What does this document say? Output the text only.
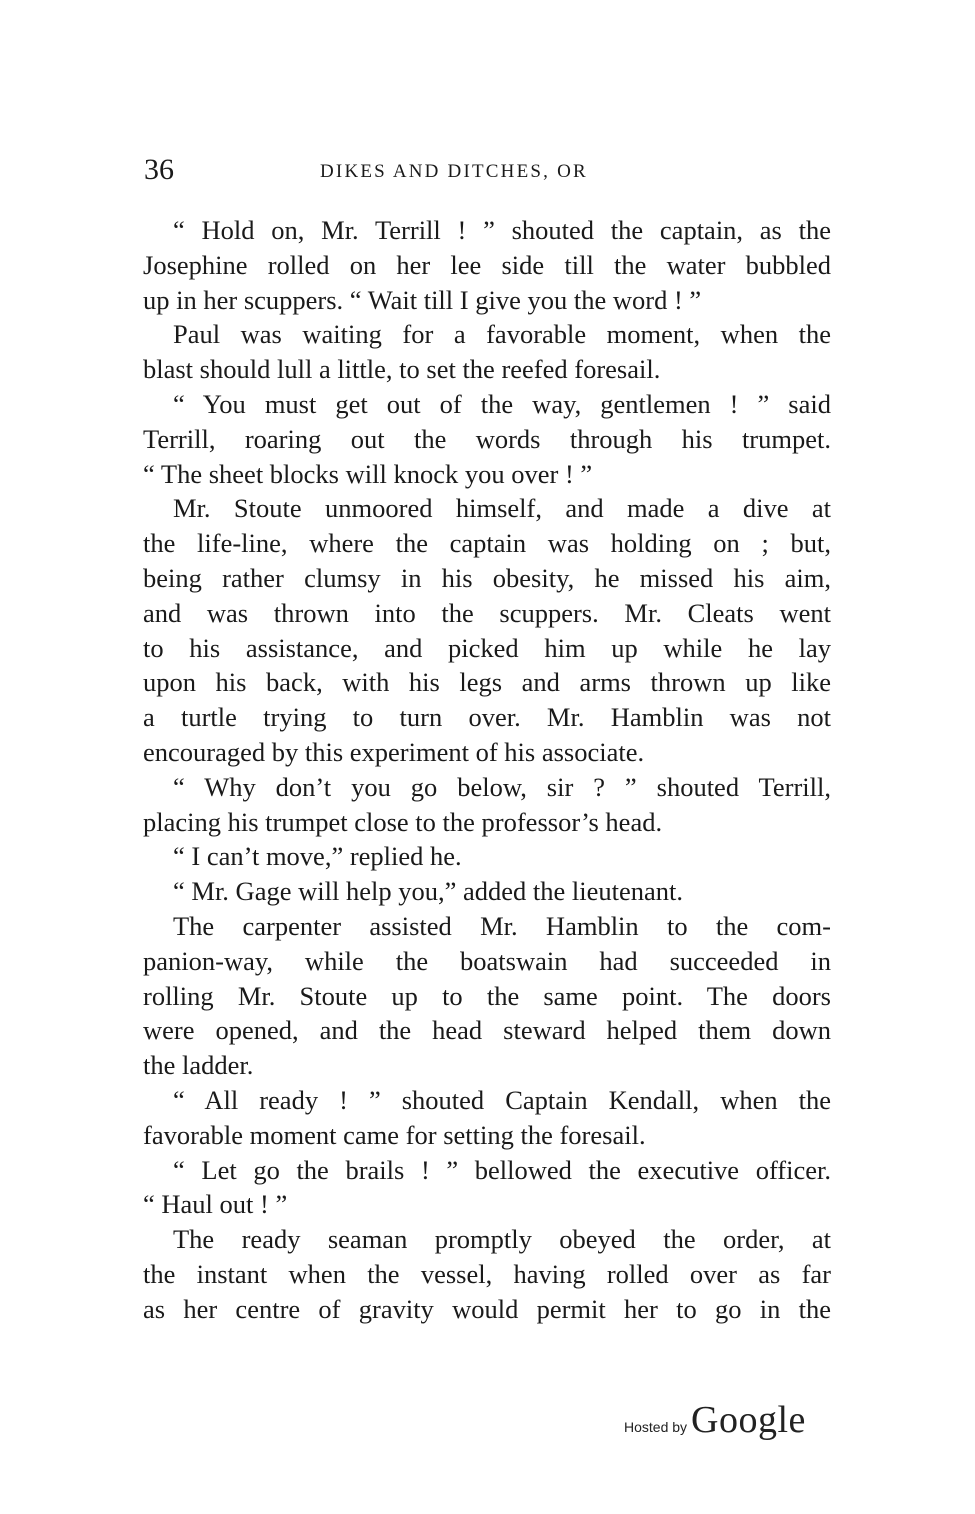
36	DIKES AND DITCHES, OR
“ Hold on, Mr. Terrill ! ” shouted the captain, as the
Josephine rolled on her lee side till the water bubbled
up in her scuppers. “ Wait till I give you the word ! ”
Paul was waiting for a favorable moment, when the
blast should lull a little, to set the reefed foresail.
“ You must get out of the way, gentlemen ! ” said
Terrill, roaring out the words through his trumpet.
“ The sheet blocks will knock you over ! ”
Mr. Stoute unmoored himself, and made a dive at
the life-line, where the captain was holding on ; but,
being rather clumsy in his obesity, he missed his aim,
and was thrown into the scuppers. Mr. Cleats went
to his assistance, and picked him up while he lay
upon his back, with his legs and arms thrown up like
a turtle trying to turn over. Mr. Hamblin was not
encouraged by this experiment of his associate.
“ Why don’t you go below, sir ? ” shouted Terrill,
placing his trumpet close to the professor’s head.
“ I can’t move,” replied he.
“ Mr. Gage will help you,” added the lieutenant.
The carpenter assisted Mr. Hamblin to the com-
panion-way, while the boatswain had succeeded in
rolling Mr. Stoute up to the same point. The doors
were opened, and the head steward helped them down
the ladder.
“ All ready ! ” shouted Captain Kendall, when the
favorable moment came for setting the foresail.
“ Let go the brails ! ” bellowed the executive officer.
“ Haul out ! ”
The ready seaman promptly obeyed the order, at
the instant when the vessel, having rolled over as far
as her centre of gravity would permit her to go in the
Hosted by Google
